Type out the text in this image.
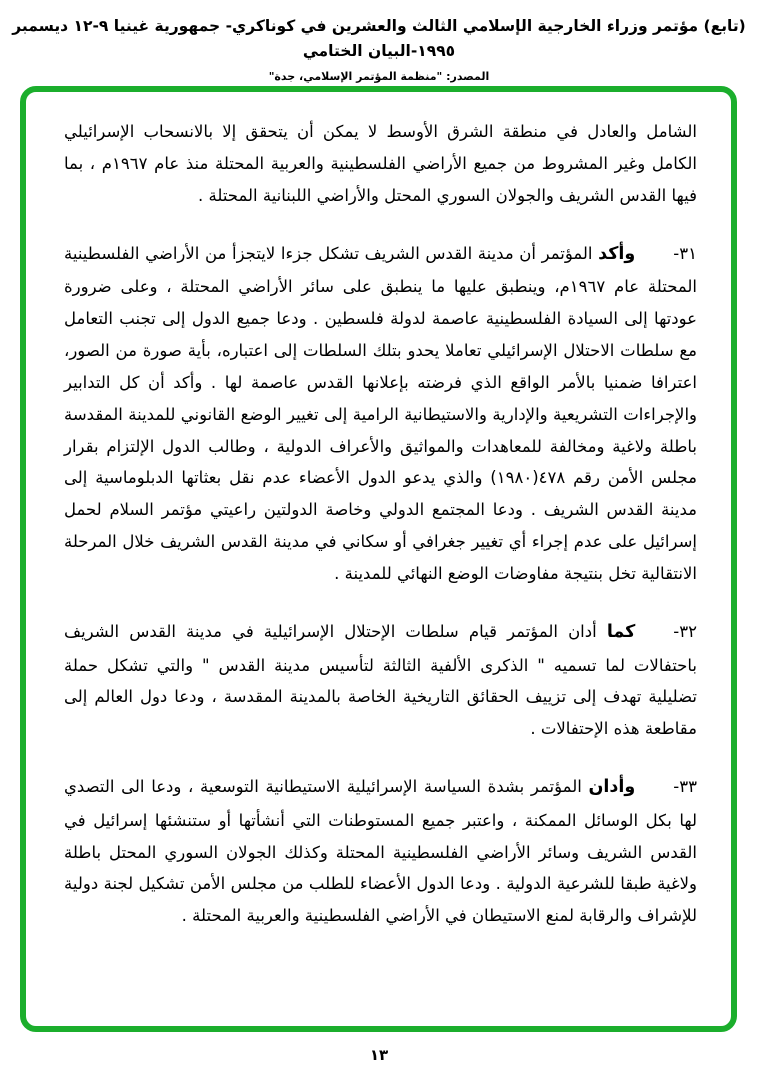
(تابع) مؤتمر وزراء الخارجية الإسلامي الثالث والعشرين في كوناكري- جمهورية غينيا ٩-١٢ ديسمبر ١٩٩٥-البيان الختامي
المصدر: "منظمة المؤتمر الإسلامي، جدة"
الشامل والعادل في منطقة الشرق الأوسط لا يمكن أن يتحقق إلا بالانسحاب الإسرائيلي الكامل وغير المشروط من جميع الأراضي الفلسطينية والعربية المحتلة منذ عام ١٩٦٧م ، بما فيها القدس الشريف والجولان السوري المحتل والأراضي اللبنانية المحتلة .
٣١-وأكد المؤتمر أن مدينة القدس الشريف تشكل جزءا لايتجزأ من الأراضي الفلسطينية المحتلة عام ١٩٦٧م، وينطبق عليها ما ينطبق على سائر الأراضي المحتلة ، وعلى ضرورة عودتها إلى السيادة الفلسطينية عاصمة لدولة فلسطين . ودعا جميع الدول إلى تجنب التعامل مع سلطات الاحتلال الإسرائيلي تعاملا يحدو بتلك السلطات إلى اعتباره، بأية صورة من الصور، اعترافا ضمنيا بالأمر الواقع الذي فرضته بإعلانها القدس عاصمة لها . وأكد أن كل التدابير والإجراءات التشريعية والإدارية والاستيطانية الرامية إلى تغيير الوضع القانوني للمدينة المقدسة باطلة ولاغية ومخالفة للمعاهدات والمواثيق والأعراف الدولية ، وطالب الدول الإلتزام بقرار مجلس الأمن رقم ٤٧٨(١٩٨٠) والذي يدعو الدول الأعضاء عدم نقل بعثاتها الدبلوماسية إلى مدينة القدس الشريف . ودعا المجتمع الدولي وخاصة الدولتين راعيتي مؤتمر السلام لحمل إسرائيل على عدم إجراء أي تغيير جغرافي أو سكاني في مدينة القدس الشريف خلال المرحلة الانتقالية تخل بنتيجة مفاوضات الوضع النهائي للمدينة .
٣٢-كما أدان المؤتمر قيام سلطات الإحتلال الإسرائيلية في مدينة القدس الشريف باحتفالات لما تسميه " الذكرى الألفية الثالثة لتأسيس مدينة القدس " والتي تشكل حملة تضليلية تهدف إلى تزييف الحقائق التاريخية الخاصة بالمدينة المقدسة ، ودعا دول العالم إلى مقاطعة هذه الإحتفالات .
٣٣-وأدان المؤتمر بشدة السياسة الإسرائيلية الاستيطانية التوسعية ، ودعا الى التصدي لها بكل الوسائل الممكنة ، واعتبر جميع المستوطنات التي أنشأتها أو ستنشئها إسرائيل في القدس الشريف وسائر الأراضي الفلسطينية المحتلة وكذلك الجولان السوري المحتل باطلة ولاغية طبقا للشرعية الدولية . ودعا الدول الأعضاء للطلب من مجلس الأمن تشكيل لجنة دولية للإشراف والرقابة لمنع الاستيطان في الأراضي الفلسطينية والعربية المحتلة .
١٣
